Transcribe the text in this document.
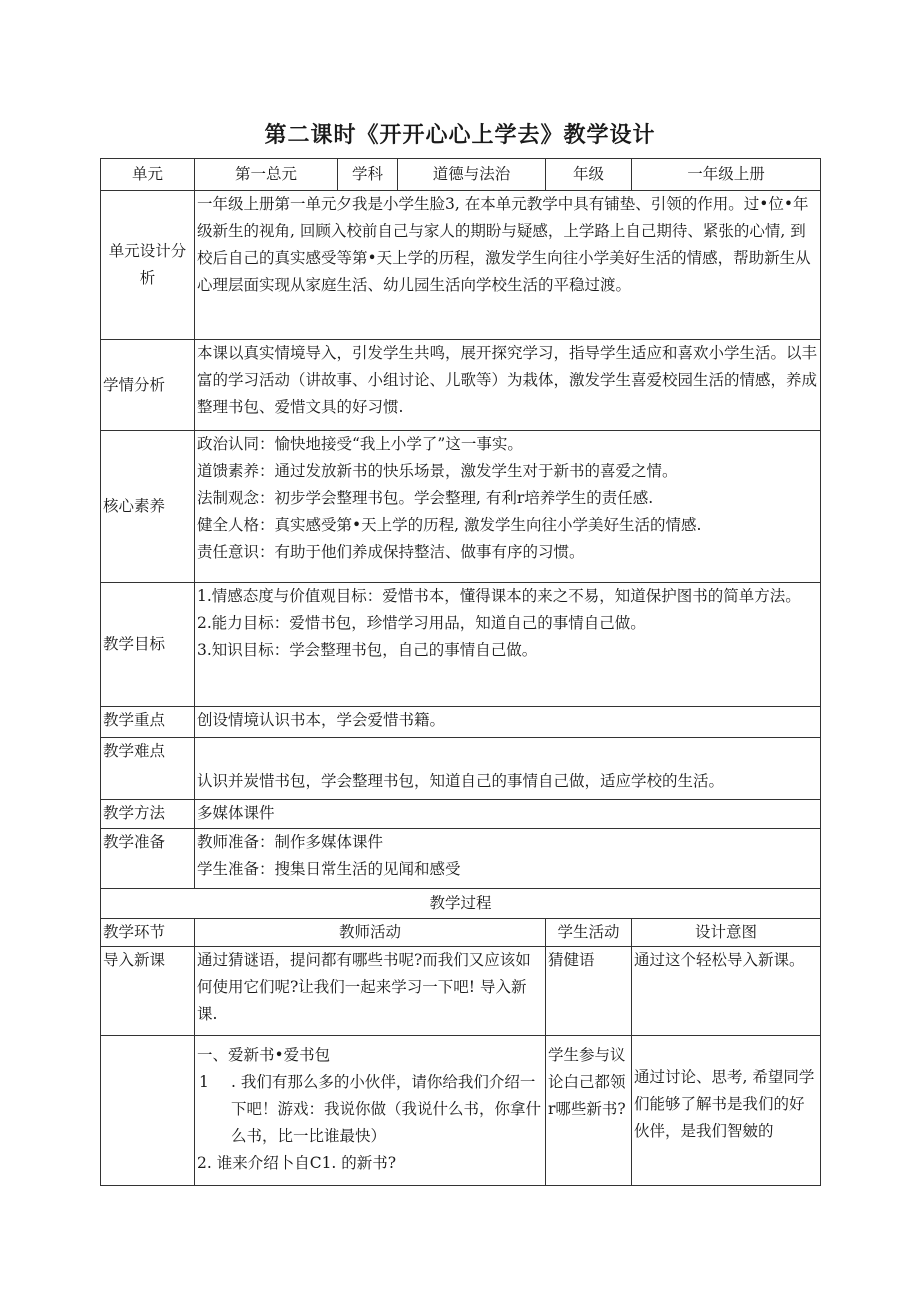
第二课时《开开心心上学去》教学设计
单元	第一总元	学科	道德与法治	年级	一年级上册
单元设计分析	一年级上册第一单元夕我是小学生脸3, 在本单元教学中具有铺垫、引领的作用。过•位•年级新生的视角, 回顾入校前自己与家人的期盼与疑感，上学路上自己期待、紧张的心情, 到校后自己的真实感受等第•天上学的历程，激发学生向往小学美好生活的情感，帮助新生从心理层面实现从家庭生活、幼儿园生活向学校生活的平稳过渡。				
学情分析	本课以真实情境导入，引发学生共鸣，展开探究学习，指导学生适应和喜欢小学生活。以丰富的学习活动（讲故事、小组讨论、儿歌等）为栽体，激发学生喜爱校园生活的情感，养成整理书包、爱惜文具的好习惯.				
核心素养	政治认同：愉快地接受“我上小学了”这一事实。

道馈素养：通过发放新书的快乐场景，激发学生对于新书的喜爱之情。

法制观念：初步学会整理书包。学会整理, 有利r培养学生的责任感.

健全人格：真实感受第•天上学的历程, 激发学生向往小学美好生活的情感.

责任意识：有助于他们养成保持整洁、做事有序的习惯。				

教学目标	1.情感态度与价值观目标：爱惜书本，懂得课本的来之不易，知道保护图书的简单方法。

2.能力目标：爱惜书包，珍惜学习用品，知道自己的事情自己做。

3.知识目标：学会整理书包，自己的事情自己做。				

教学重点	创设情境认识书本，学会爱惜书籍。				
教学难点	认识并炭惜书包，学会整理书包，知道自己的事情自己做，适应学校的生活。				
教学方法	多媒体课件				
教学准备	教师准备：制作多媒体课件

学生准备：搜集日常生活的见闻和感受				

教学过程					
教学环节	教师活动			学生活动	设计意图
导入新课	通过猜谜语，提问都有哪些书呢?而我们又应该如何使用它们呢?让我们一起来学习一下吧! 导入新课.			猜健语	通过这个轻松导入新课。

	一、爱新书•爱书包

1 . 我们有那么多的小伙伴，请你给我们介绍一下吧！游戏：我说你做（我说什么书，你拿什么书，比一比谁最快）

2. 谁来介绍卜自C1. 的新书?			学生参与议论白己都领r哪些新书?	通过讨论、思考, 希望同学们能够了解书是我们的好伙伴，是我们智皴的
